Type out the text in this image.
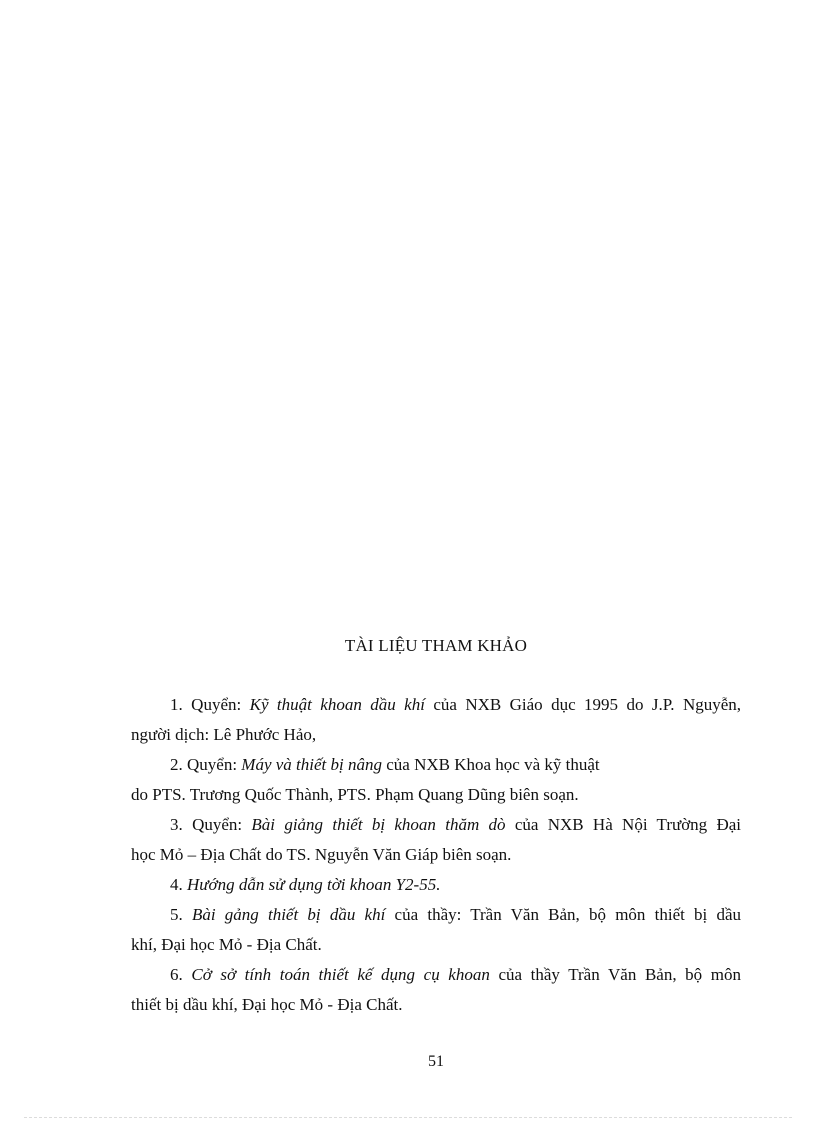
TÀI LIỆU THAM KHẢO
1. Quyển: Kỹ thuật khoan dầu khí của NXB Giáo dục 1995 do J.P. Nguyễn,
người dịch: Lê Phước Hảo,
2. Quyển: Máy và thiết bị nâng của NXB Khoa học và kỹ thuật
do PTS. Trương Quốc Thành, PTS. Phạm Quang Dũng biên soạn.
3. Quyển: Bài giảng thiết bị khoan thăm dò của NXB Hà Nội Trường Đại
học Mỏ – Địa Chất do TS. Nguyễn Văn Giáp biên soạn.
4. Hướng dẫn sử dụng tời khoan Y2-55.
5. Bài gảng thiết bị dầu khí của thầy: Trần Văn Bản, bộ môn thiết bị dầu
khí, Đại học Mỏ - Địa Chất.
6. Cở sở tính toán thiết kế dụng cụ khoan của thầy Trần Văn Bản, bộ môn
thiết bị dầu khí, Đại học Mỏ - Địa Chất.
51
